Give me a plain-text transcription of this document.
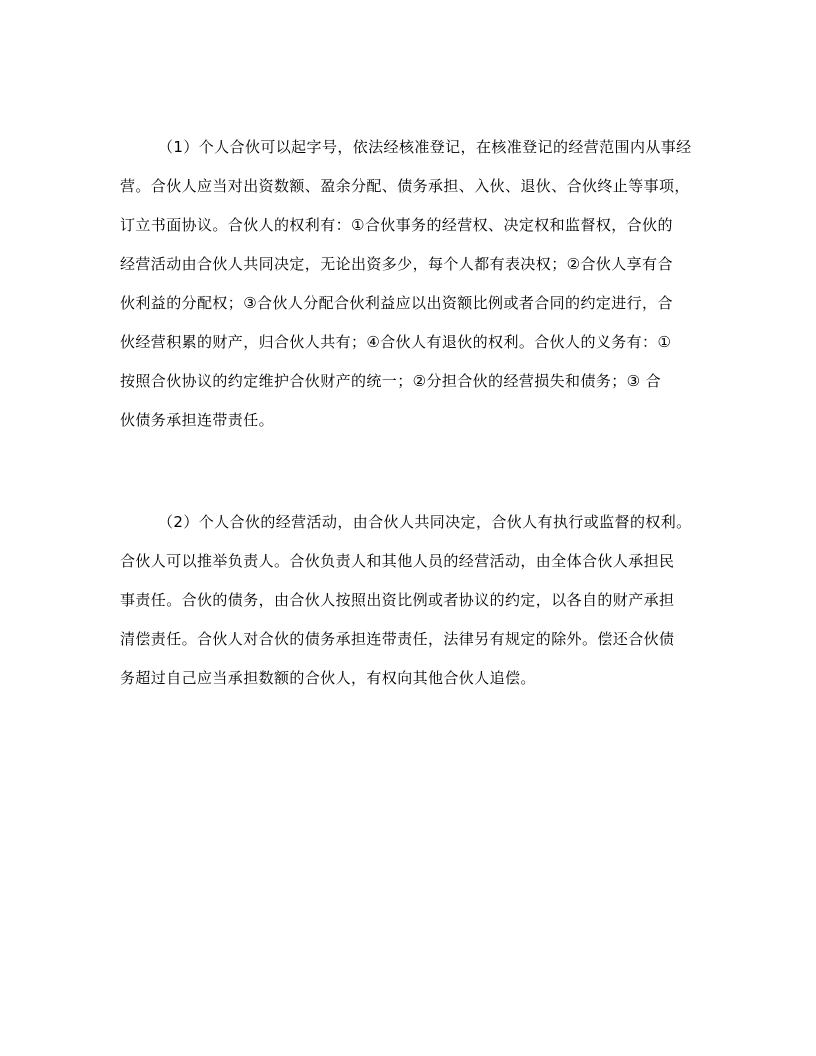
（1）个人合伙可以起字号，依法经核准登记，在核准登记的经营范围内从事经
营。合伙人应当对出资数额、盈余分配、债务承担、入伙、退伙、合伙终止等事项，
订立书面协议。合伙人的权利有：①合伙事务的经营权、决定权和监督权，合伙的
经营活动由合伙人共同决定，无论出资多少，每个人都有表决权；②合伙人享有合
伙利益的分配权；③合伙人分配合伙利益应以出资额比例或者合同的约定进行，合
伙经营积累的财产，归合伙人共有；④合伙人有退伙的权利。合伙人的义务有：①
按照合伙协议的约定维护合伙财产的统一；②分担合伙的经营损失和债务；③ 合
伙债务承担连带责任。
（2）个人合伙的经营活动，由合伙人共同决定，合伙人有执行或监督的权利。
合伙人可以推举负责人。合伙负责人和其他人员的经营活动，由全体合伙人承担民
事责任。合伙的债务，由合伙人按照出资比例或者协议的约定，以各自的财产承担
清偿责任。合伙人对合伙的债务承担连带责任，法律另有规定的除外。偿还合伙债
务超过自己应当承担数额的合伙人，有权向其他合伙人追偿。
